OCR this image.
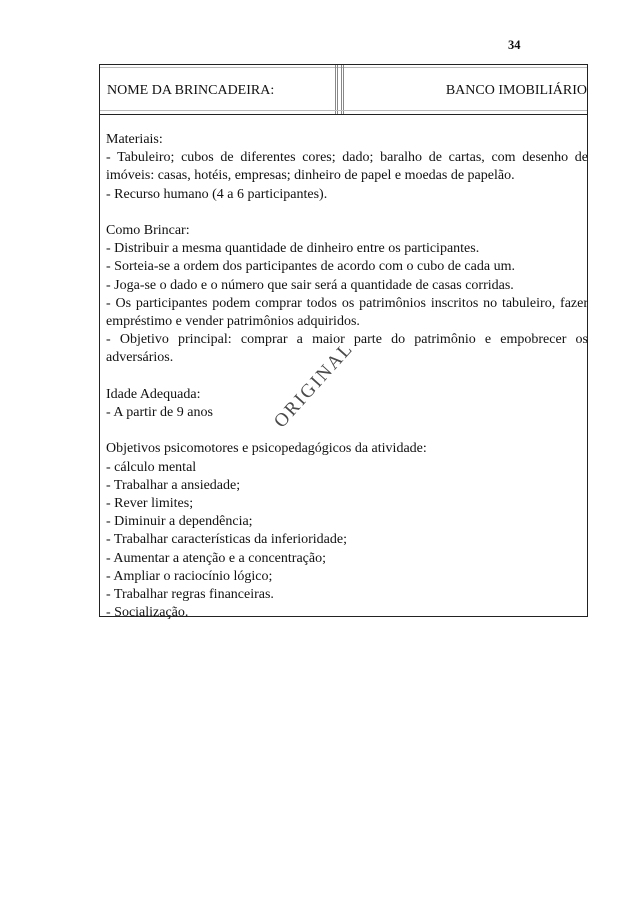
34
NOME DA BRINCADEIRA:	BANCO IMOBILIÁRIO

Materiais:

- Tabuleiro; cubos de diferentes cores; dado; baralho de cartas, com desenho de imóveis: casas, hotéis, empresas; dinheiro de papel e moedas de papelão.

- Recurso humano (4 a 6 participantes).

Como Brincar:

- Distribuir a mesma quantidade de dinheiro entre os participantes.

- Sorteia-se a ordem dos participantes de acordo com o cubo de cada um.

- Joga-se o dado e o número que sair será a quantidade de casas corridas.

- Os participantes podem comprar todos os patrimônios inscritos no tabuleiro, fazer empréstimo e vender patrimônios adquiridos.

- Objetivo principal: comprar a maior parte do patrimônio e empobrecer os adversários.

Idade Adequada:

- A partir de 9 anos

Objetivos psicomotores e psicopedagógicos da atividade:

- cálculo mental

- Trabalhar a ansiedade;

- Rever limites;

- Diminuir a dependência;

- Trabalhar características da inferioridade;

- Aumentar a atenção e a concentração;

- Ampliar o raciocínio lógico;

- Trabalhar regras financeiras.

- Socialização.

ORIGINAL
